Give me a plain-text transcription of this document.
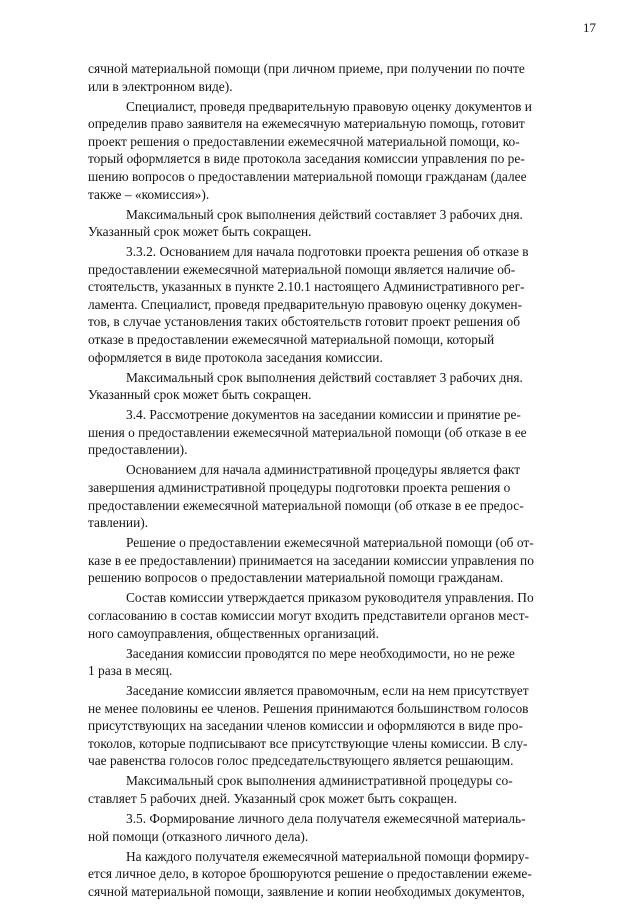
17

сячной материальной помощи (при личном приеме, при получении по почте
или в электронном виде).

Специалист, проведя предварительную правовую оценку документов и
определив право заявителя на ежемесячную материальную помощь, готовит
проект решения о предоставлении ежемесячной материальной помощи, ко-
торый оформляется в виде протокола заседания комиссии управления по ре-
шению вопросов о предоставлении материальной помощи гражданам (далее
также – «комиссия»).

Максимальный срок выполнения действий составляет 3 рабочих дня.
Указанный срок может быть сокращен.

3.3.2. Основанием для начала подготовки проекта решения об отказе в
предоставлении ежемесячной материальной помощи является наличие об-
стоятельств, указанных в пункте 2.10.1 настоящего Административного рег-
ламента. Специалист, проведя предварительную правовую оценку докумен-
тов, в случае установления таких обстоятельств готовит проект решения об
отказе в предоставлении ежемесячной материальной помощи, который
оформляется в виде протокола заседания комиссии.

Максимальный срок выполнения действий составляет 3 рабочих дня.
Указанный срок может быть сокращен.

3.4. Рассмотрение документов на заседании комиссии и принятие ре-
шения о предоставлении ежемесячной материальной помощи (об отказе в ее
предоставлении).

Основанием для начала административной процедуры является факт
завершения административной процедуры подготовки проекта решения о
предоставлении ежемесячной материальной помощи (об отказе в ее предос-
тавлении).

Решение о предоставлении ежемесячной материальной помощи (об от-
казе в ее предоставлении) принимается на заседании комиссии управления по
решению вопросов о предоставлении материальной помощи гражданам.

Состав комиссии утверждается приказом руководителя управления. По
согласованию в состав комиссии могут входить представители органов мест-
ного самоуправления, общественных организаций.

Заседания комиссии проводятся по мере необходимости, но не реже
1 раза в месяц.

Заседание комиссии является правомочным, если на нем присутствует
не менее половины ее членов. Решения принимаются большинством голосов
присутствующих на заседании членов комиссии и оформляются в виде про-
токолов, которые подписывают все присутствующие члены комиссии. В слу-
чае равенства голосов голос председательствующего является решающим.

Максимальный срок выполнения административной процедуры со-
ставляет 5 рабочих дней. Указанный срок может быть сокращен.

3.5. Формирование личного дела получателя ежемесячной материаль-
ной помощи (отказного личного дела).

На каждого получателя ежемесячной материальной помощи формиру-
ется личное дело, в которое брошюруются решение о предоставлении ежеме-
сячной материальной помощи, заявление и копии необходимых документов,
